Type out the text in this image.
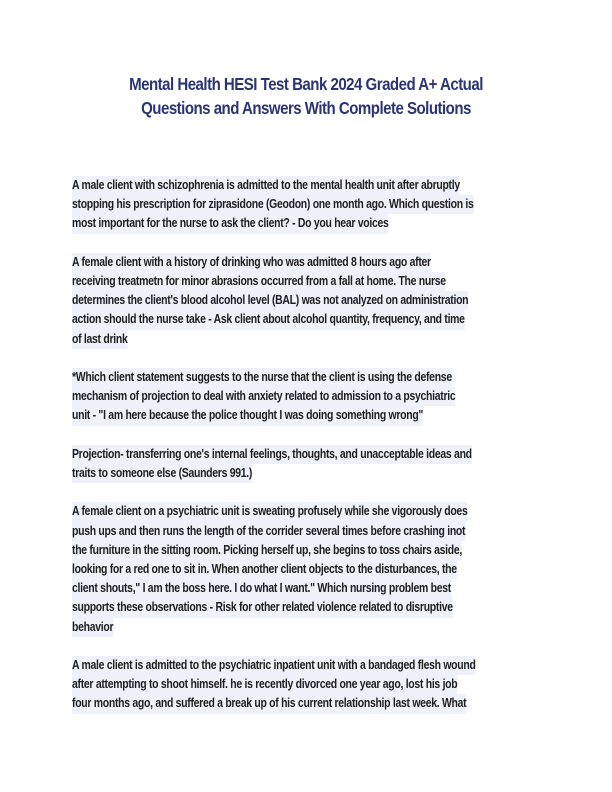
Mental Health HESI Test Bank 2024 Graded A+ Actual
Questions and Answers With Complete Solutions
A male client with schizophrenia is admitted to the mental health unit after abruptly
stopping his prescription for ziprasidone (Geodon) one month ago. Which question is
most important for the nurse to ask the client? - Do you hear voices
A female client with a history of drinking who was admitted 8 hours ago after
receiving treatmetn for minor abrasions occurred from a fall at home. The nurse
determines the client's blood alcohol level (BAL) was not analyzed on administration
action should the nurse take - Ask client about alcohol quantity, frequency, and time
of last drink
*Which client statement suggests to the nurse that the client is using the defense
mechanism of projection to deal with anxiety related to admission to a psychiatric
unit - "I am here because the police thought I was doing something wrong"
Projection- transferring one's internal feelings, thoughts, and unacceptable ideas and
traits to someone else (Saunders 991.)
A female client on a psychiatric unit is sweating profusely while she vigorously does
push ups and then runs the length of the corrider several times before crashing inot
the furniture in the sitting room. Picking herself up, she begins to toss chairs aside,
looking for a red one to sit in. When another client objects to the disturbances, the
client shouts," I am the boss here. I do what I want." Which nursing problem best
supports these observations - Risk for other related violence related to disruptive
behavior
A male client is admitted to the psychiatric inpatient unit with a bandaged flesh wound
after attempting to shoot himself. he is recently divorced one year ago, lost his job
four months ago, and suffered a break up of his current relationship last week. What
